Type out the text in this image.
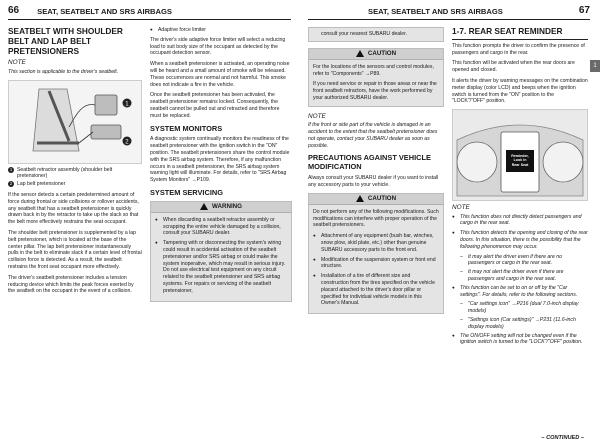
66 SEAT, SEATBELT AND SRS AIRBAGS
SEATBELT WITH SHOULDER BELT AND LAP BELT PRETENSIONERS
NOTE

This section is applicable to the driver's seatbelt.

1
2
1 Seatbelt retractor assembly (shoulder belt pretensioner)
2 Lap belt pretensioner

If the sensor detects a certain predetermined amount of force during frontal or side collisions or rollover accidents, any seatbelt that has a seatbelt pretensioner is quickly drawn back in by the retractor to take up the slack so that the belt more effectively restrains the seat occupant.

The shoulder belt pretensioner is supplemented by a lap belt pretensioner, which is located at the base of the center pillar. The lap belt pretensioner instantaneously pulls in the belt to eliminate slack if a certain level of frontal collision force is detected. As a result, the seatbelt restrains the front seat occupant more effectively.

The driver's seatbelt pretensioner includes a tension reducing device which limits the peak forces exerted by the seatbelt on the occupant in the event of a collision.

● Adaptive force limiter

The driver's side adaptive force limiter will select a reducing load to suit body size of the occupant as detected by the occupant detection sensor.

When a seatbelt pretensioner is activated, an operating noise will be heard and a small amount of smoke will be released. These occurrences are normal and not harmful. This smoke does not indicate a fire in the vehicle.

Once the seatbelt pretensioner has been activated, the seatbelt pretensioner remains locked. Consequently, the seatbelt cannot be pulled out and retracted and therefore must be replaced.

SYSTEM MONITORS

A diagnostic system continually monitors the readiness of the seatbelt pretensioner with the ignition switch in the "ON" position. The seatbelt pretensioners share the control module with the SRS airbag system. Therefore, if any malfunction occurs in a seatbelt pretensioner, the SRS airbag system warning light will illuminate. For details, refer to "SRS Airbag System Monitors" →P109.

SYSTEM SERVICING
WARNING
● When discarding a seatbelt retractor assembly or scrapping the entire vehicle damaged by a collision, consult your SUBARU dealer.
● Tampering with or disconnecting the system's wiring could result in accidental activation of the seatbelt pretensioner and/or SRS airbag or could make the system inoperative, which may result in serious injury. Do not use electrical test equipment on any circuit related to the seatbelt pretensioner and SRS airbag systems. For repairs or servicing of the seatbelt pretensioner,
SEAT, SEATBELT AND SRS AIRBAGS	67
1
consult your nearest SUBARU dealer.
CAUTION

For the locations of the sensors and control modules, refer to "Components" →P89.

If you need service or repair in those areas or near the front seatbelt retractors, have the work performed by your authorized SUBARU dealer.

NOTE

If the front or side part of the vehicle is damaged in an accident to the extent that the seatbelt pretensioner does not operate, contact your SUBARU dealer as soon as possible.

PRECAUTIONS AGAINST VEHICLE MODIFICATION

Always consult your SUBARU dealer if you want to install any accessory parts to your vehicle.

CAUTION

Do not perform any of the following modifications. Such modifications can interfere with proper operation of the seatbelt pretensioners.

● Attachment of any equipment (bush bar, winches, snow plow, skid plate, etc.) other than genuine SUBARU accessory parts to the front end.
● Modification of the suspension system or front end structure.
● Installation of a tire of different size and construction from the tires specified on the vehicle placard attached to the driver's door pillar or specified for individual vehicle models in this Owner's Manual.
1-7. REAR SEAT REMINDER

This function prompts the driver to confirm the presence of passengers and cargo in the rear.

This function will be activated when the rear doors are opened and closed.

It alerts the driver by warning messages on the combination meter display (color LCD) and beeps when the ignition switch is turned from the "ON" position to the "LOCK"/"OFF" position.

Reminder,
Look In
Rear Seat
NOTE
● This function does not directly detect passengers and cargo in the rear seat.
● This function detects the opening and closing of the rear doors. In this situation, there is the possibility that the following phenomenon may occur.
– It may alert the driver even if there are no passengers or cargo in the rear seat.
– It may not alert the driver even if there are passengers and cargo in the rear seat.
● This function can be set to on or off by the "Car settings". For details, refer to the following sections.
– "Car settings icon" →P216 (dual 7.0-inch display models)
– "Settings icon (Car settings)" →P231 (11.6-inch display models)
● The ON/OFF setting will not be changed even if the ignition switch is turned to the "LOCK"/"OFF" position.
– CONTINUED –
